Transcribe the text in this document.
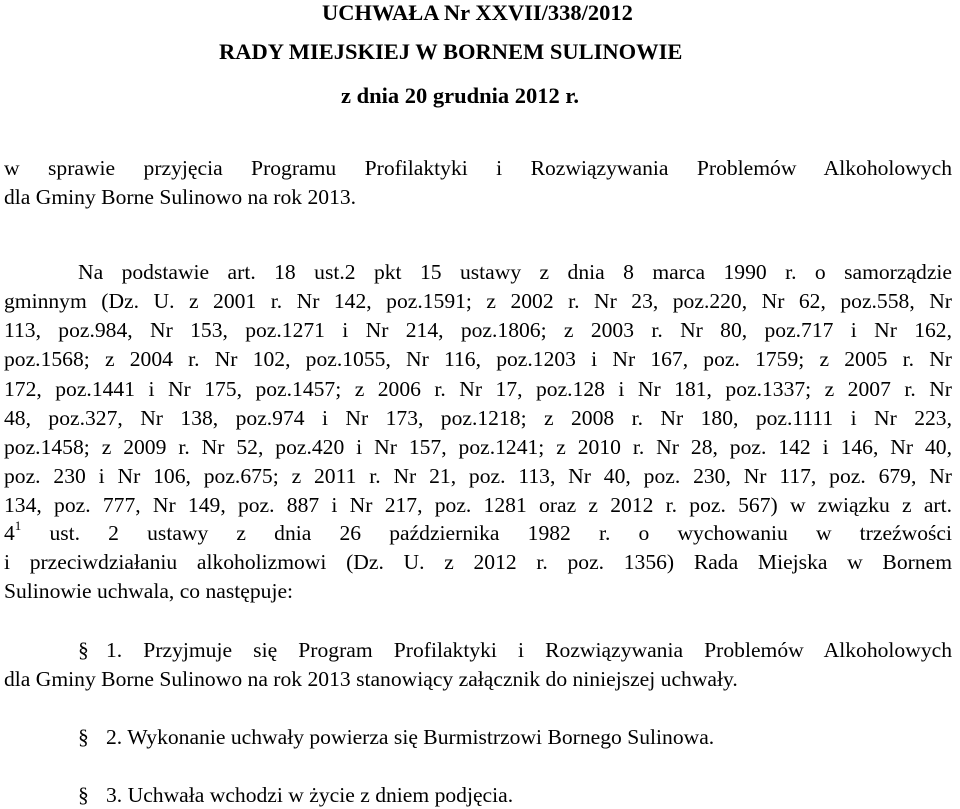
UCHWAŁA Nr XXVII/338/2012
RADY MIEJSKIEJ W BORNEM SULINOWIE
z dnia 20 grudnia 2012 r.
w sprawie przyjęcia Programu Profilaktyki i Rozwiązywania Problemów Alkoholowych
dla Gminy Borne Sulinowo na rok 2013.
Na podstawie art. 18 ust.2 pkt 15 ustawy z dnia 8 marca 1990 r. o samorządzie
gminnym (Dz. U. z 2001 r. Nr 142, poz.1591; z 2002 r. Nr 23, poz.220, Nr 62, poz.558, Nr
113, poz.984, Nr 153, poz.1271 i Nr 214, poz.1806; z 2003 r. Nr 80, poz.717 i Nr 162,
poz.1568; z 2004 r. Nr 102, poz.1055, Nr 116, poz.1203 i Nr 167, poz. 1759; z 2005 r. Nr
172, poz.1441 i Nr 175, poz.1457; z 2006 r. Nr 17, poz.128 i Nr 181, poz.1337; z 2007 r. Nr
48, poz.327, Nr 138, poz.974 i Nr 173, poz.1218; z 2008 r. Nr 180, poz.1111 i Nr 223,
poz.1458; z 2009 r. Nr 52, poz.420 i Nr 157, poz.1241; z 2010 r. Nr 28, poz. 142 i 146, Nr 40,
poz. 230 i Nr 106, poz.675; z 2011 r. Nr 21, poz. 113, Nr 40, poz. 230, Nr 117, poz. 679, Nr
134, poz. 777, Nr 149, poz. 887 i Nr 217, poz. 1281 oraz z 2012 r. poz. 567) w związku z art.
$4^1$ ust. 2 ustawy z dnia 26 października 1982 r. o wychowaniu w trzeźwości
i przeciwdziałaniu alkoholizmowi (Dz. U. z 2012 r. poz. 1356) Rada Miejska w Bornem
Sulinowie uchwala, co następuje:
§ 1. Przyjmuje się Program Profilaktyki i Rozwiązywania Problemów Alkoholowych
dla Gminy Borne Sulinowo na rok 2013 stanowiący załącznik do niniejszej uchwały.
§ 2. Wykonanie uchwały powierza się Burmistrzowi Bornego Sulinowa.
§ 3. Uchwała wchodzi w życie z dniem podjęcia.
